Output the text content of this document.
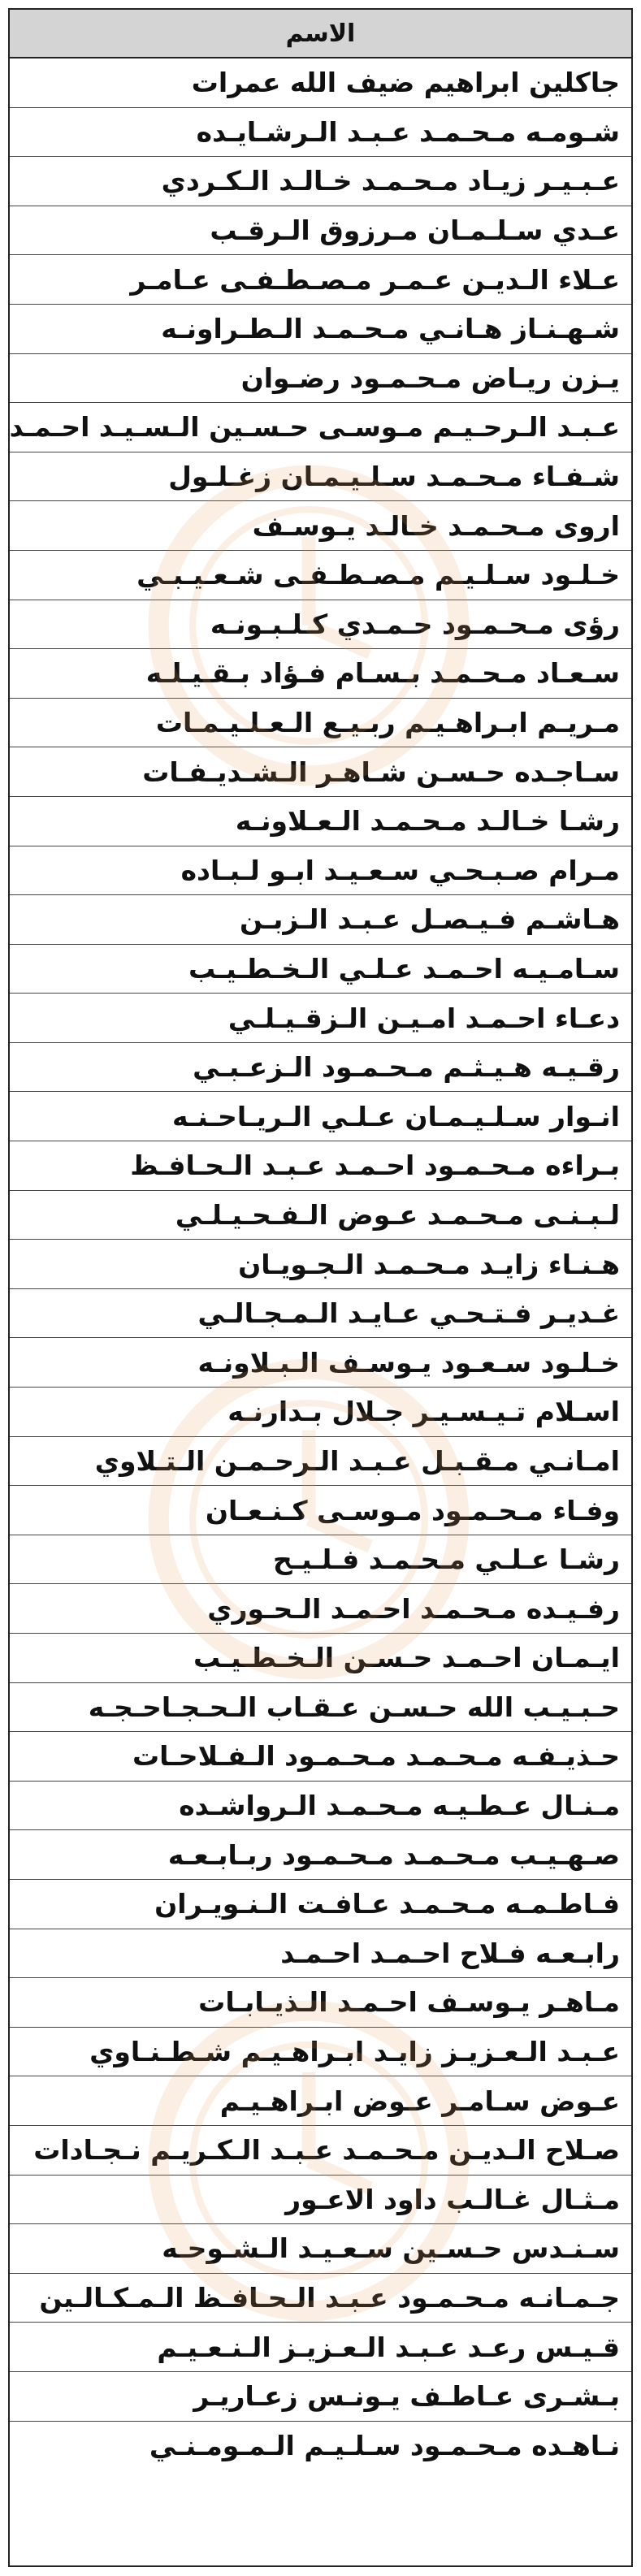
الاسم
جاكلين ابراهيم ضيف الله عمرات
شـومـه مـحـمـد عـبـد الـرشـايـده
عـبـيـر زيـاد مـحـمـد خـالـد الـكـردي
عـدي سـلـمـان مـرزوق الـرقـب
عـلاء الـديـن عـمـر مـصـطـفـى عـامـر
شـهـنـاز هـانـي مـحـمـد الـطـراونـه
يـزن ريـاض مـحـمـود رضـوان
عـبـد الـرحـيـم مـوسـى حـسـين الـسـيـد احـمـد
شـفـاء مـحـمـد سـلـيـمـان زغـلـول
اروى مـحـمـد خـالـد يـوسـف
خـلـود سـلـيـم مـصـطـفـى شـعـيـبـي
رؤى مـحـمـود حـمـدي كـلـبـونـه
سـعـاد مـحـمـد بـسـام فـؤاد بـقـيـلـه
مـريـم ابـراهـيـم ربـيـع الـعـلـيـمـات
سـاجـده حـسـن شـاهـر الـشـديـفـات
رشـا خـالـد مـحـمـد الـعـلاونـه
مـرام صـبـحـي سـعـيـد ابـو لـبـاده
هـاشـم فـيـصـل عـبـد الـزبـن
سـامـيـه احـمـد عـلـي الـخـطـيـب
دعـاء احـمـد امـيـن الـزقـيـلـي
رقـيـه هـيـثـم مـحـمـود الـزعـبـي
انـوار سـلـيـمـان عـلـي الـريـاحـنـه
بـراءه مـحـمـود احـمـد عـبـد الـحـافـظ
لـبـنـى مـحـمـد عـوض الـفـحـيـلـي
هـنـاء زايـد مـحـمـد الـجـويـان
غـديـر فـتـحـي عـايـد الـمـجـالـي
خـلـود سـعـود يـوسـف الـبـلاونـه
اسـلام تـيـسـيـر جـلال بـدارنـه
امـانـي مـقـبـل عـبـد الـرحـمـن الـتـلاوي
وفـاء مـحـمـود مـوسـى كـنـعـان
رشـا عـلـي مـحـمـد فـلـيـح
رفـيـده مـحـمـد احـمـد الـحـوري
ايـمـان احـمـد حـسـن الـخـطـيـب
حـبـيـب الله حـسـن عـقـاب الـحـجـاحـجـه
حـذيـفـه مـحـمـد مـحـمـود الـفـلاحـات
مـنـال عـطـيـه مـحـمـد الـرواشـده
صـهـيـب مـحـمـد مـحـمـود ربـابـعـه
فـاطـمـه مـحـمـد عـافـت الـنـويـران
رابـعـه فـلاح احـمـد احـمـد
مـاهـر يـوسـف احـمـد الـذيـابـات
عـبـد الـعـزيـز زايـد ابـراهـيـم شـطـنـاوي
عـوض سـامـر عـوض ابـراهـيـم
صـلاح الـديـن مـحـمـد عـبـد الـكـريـم نـجـادات
مـثـال غـالـب داود الاعـور
سـنـدس حـسـين سـعـيـد الـشـوحـه
جـمـانـه مـحـمـود عـبـد الـحـافـظ الـمـكـالـين
قـيـس رعـد عـبـد الـعـزيـز الـنـعـيـم
بـشـرى عـاطـف يـونـس زعـاريـر
نـاهـده مـحـمـود سـلـيـم الـمـومـنـي
